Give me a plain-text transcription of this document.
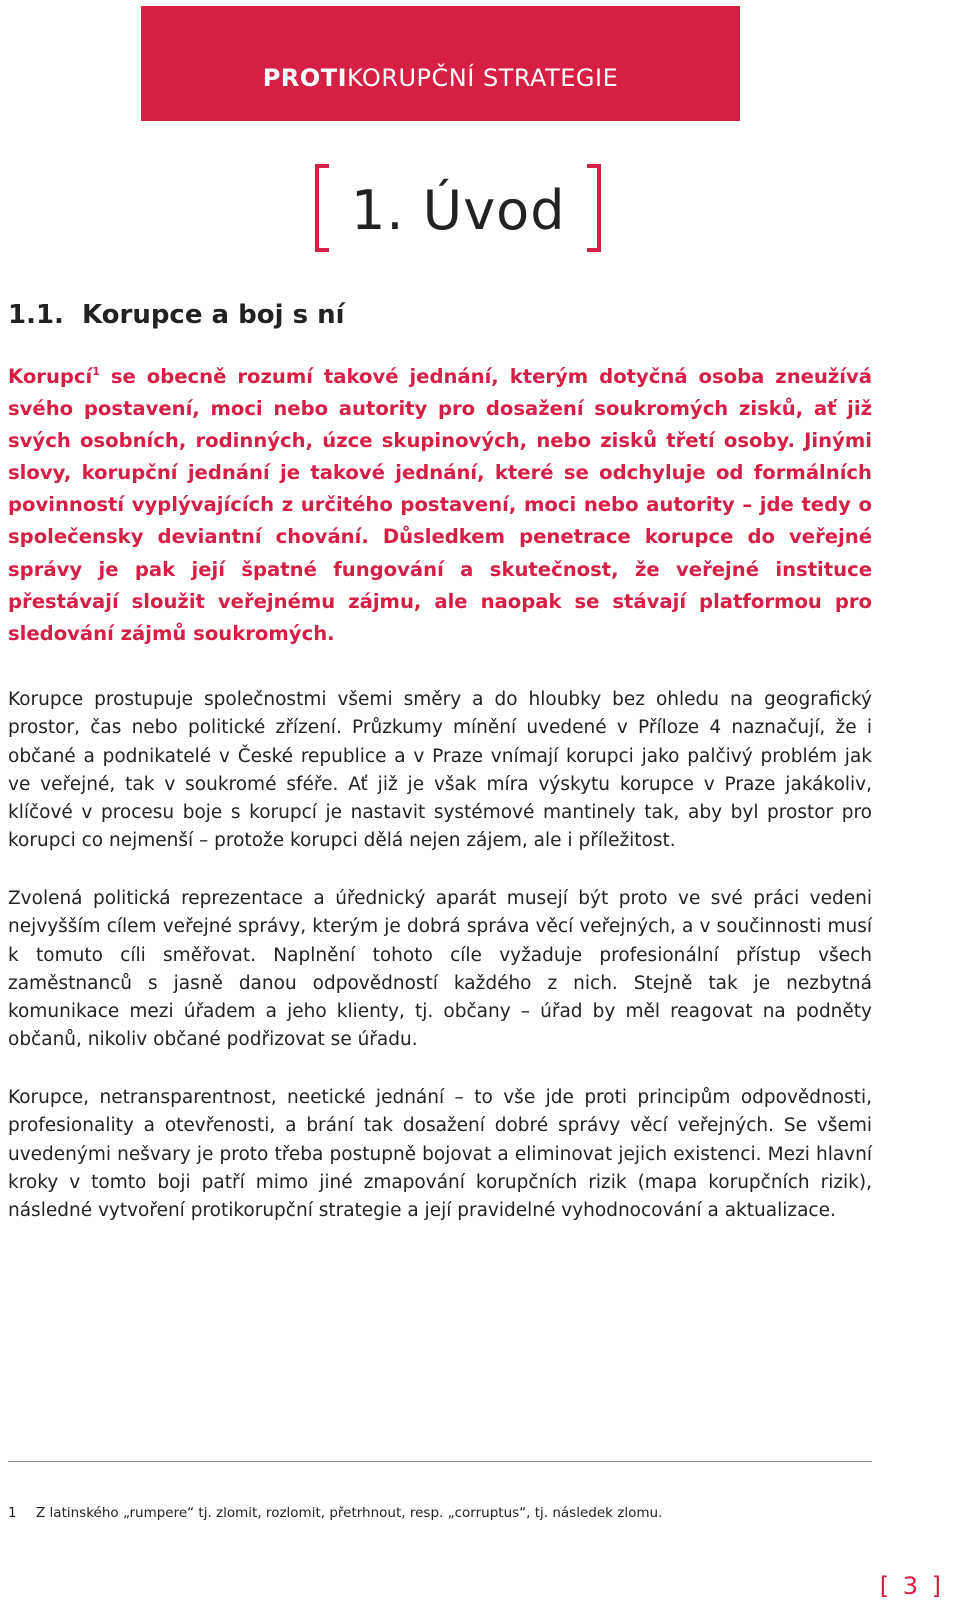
PROTIKORUPČNÍ STRATEGIE
1. Úvod
1.1. Korupce a boj s ní

Korupcí$^1$ se obecně rozumí takové jednání, kterým dotyčná osoba zneužívá svého postavení, moci nebo autority pro dosažení soukromých zisků, ať již svých osobních, rodinných, úzce skupinových, nebo zisků třetí osoby. Jinými slovy, korupční jednání je takové jednání, které se odchyluje od formálních povinností vyplývajících z určitého postavení, moci nebo autority – jde tedy o společensky deviantní chování. Důsledkem penetrace korupce do veřejné správy je pak její špatné fungování a skutečnost, že veřejné instituce přestávají sloužit veřejnému zájmu, ale naopak se stávají platformou pro sledování zájmů soukromých.

Korupce prostupuje společnostmi všemi směry a do hloubky bez ohledu na geografický prostor, čas nebo politické zřízení. Průzkumy mínění uvedené v Příloze 4 naznačují, že i občané a podnikatelé v České republice a v Praze vnímají korupci jako palčivý problém jak ve veřejné, tak v soukromé sféře. Ať již je však míra výskytu korupce v Praze jakákoliv, klíčové v procesu boje s korupcí je nastavit systémové mantinely tak, aby byl prostor pro korupci co nejmenší – protože korupci dělá nejen zájem, ale i příležitost.

Zvolená politická reprezentace a úřednický aparát musejí být proto ve své práci vedeni nejvyšším cílem veřejné správy, kterým je dobrá správa věcí veřejných, a v součinnosti musí k tomuto cíli směřovat. Naplnění tohoto cíle vyžaduje profesionální přístup všech zaměstnanců s jasně danou odpovědností každého z nich. Stejně tak je nezbytná komunikace mezi úřadem a jeho klienty, tj. občany – úřad by měl reagovat na podněty občanů, nikoliv občané podřizovat se úřadu.

Korupce, netransparentnost, neetické jednání – to vše jde proti principům odpovědnosti, profesionality a otevřenosti, a brání tak dosažení dobré správy věcí veřejných. Se všemi uvedenými nešvary je proto třeba postupně bojovat a eliminovat jejich existenci. Mezi hlavní kroky v tomto boji patří mimo jiné zmapování korupčních rizik (mapa korupčních rizik), následné vytvoření protikorupční strategie a její pravidelné vyhodnocování a aktualizace.

1 Z latinského „rumpere“ tj. zlomit, rozlomit, přetrhnout, resp. „corruptus“, tj. následek zlomu.
[ 3 ]
